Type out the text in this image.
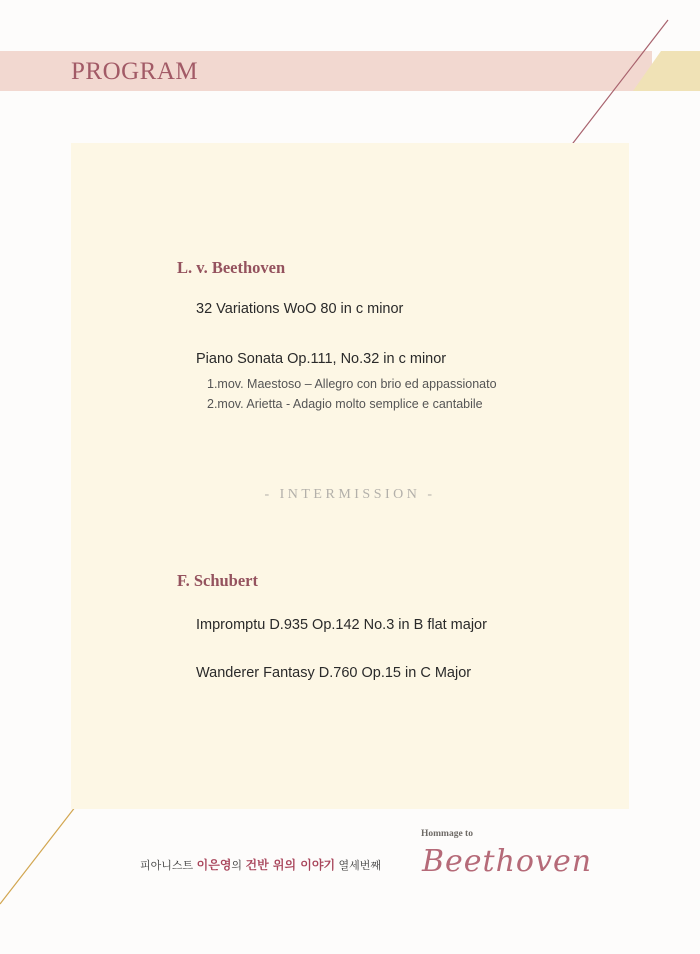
PROGRAM
L. v. Beethoven
32 Variations WoO 80 in c minor
Piano Sonata Op.111, No.32 in c minor
1.mov. Maestoso – Allegro con brio ed appassionato
2.mov. Arietta - Adagio molto semplice e cantabile
- INTERMISSION -
F. Schubert
Impromptu D.935 Op.142 No.3 in B flat major
Wanderer Fantasy D.760 Op.15 in C Major
피아니스트 이은영의 건반 위의 이야기 열세번째
Hommage to
Beethoven
